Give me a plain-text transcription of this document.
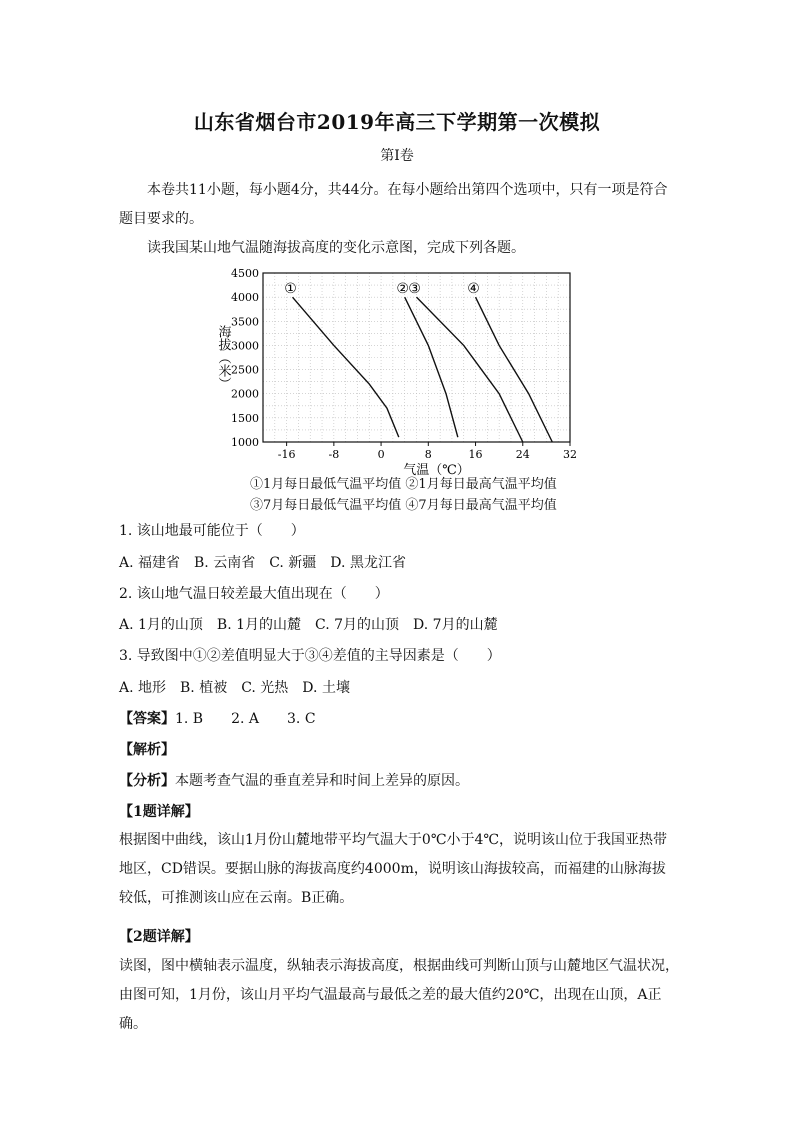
山东省烟台市2019年高三下学期第一次模拟
第Ⅰ卷
本卷共11小题，每小题4分，共44分。在每小题给出第四个选项中，只有一项是符合题目要求的。
读我国某山地气温随海拔高度的变化示意图，完成下列各题。
①	② ③	④
4500
4000
3500
3000
2500
2000
1500
1000
-16	-8	0	8	16	24	32
海拔（米）
气温（℃）
①1月每日最低气温平均值 ②1月每日最高气温平均值
③7月每日最低气温平均值 ④7月每日最高气温平均值
1. 该山地最可能位于（　　）
A. 福建省　B. 云南省　C. 新疆　D. 黑龙江省
2. 该山地气温日较差最大值出现在（　　）
A. 1月的山顶　B. 1月的山麓　C. 7月的山顶　D. 7月的山麓
3. 导致图中①②差值明显大于③④差值的主导因素是（　　）
A. 地形　B. 植被　C. 光热　D. 土壤
【答案】1. B　　2. A　　3. C
【解析】
【分析】本题考查气温的垂直差异和时间上差异的原因。
【1题详解】
根据图中曲线，该山1月份山麓地带平均气温大于0℃小于4℃，说明该山位于我国亚热带地区，CD错误。要据山脉的海拔高度约4000m，说明该山海拔较高，而福建的山脉海拔较低，可推测该山应在云南。B正确。
【2题详解】
读图，图中横轴表示温度，纵轴表示海拔高度，根据曲线可判断山顶与山麓地区气温状况，由图可知，1月份，该山月平均气温最高与最低之差的最大值约20℃，出现在山顶，A正确。
